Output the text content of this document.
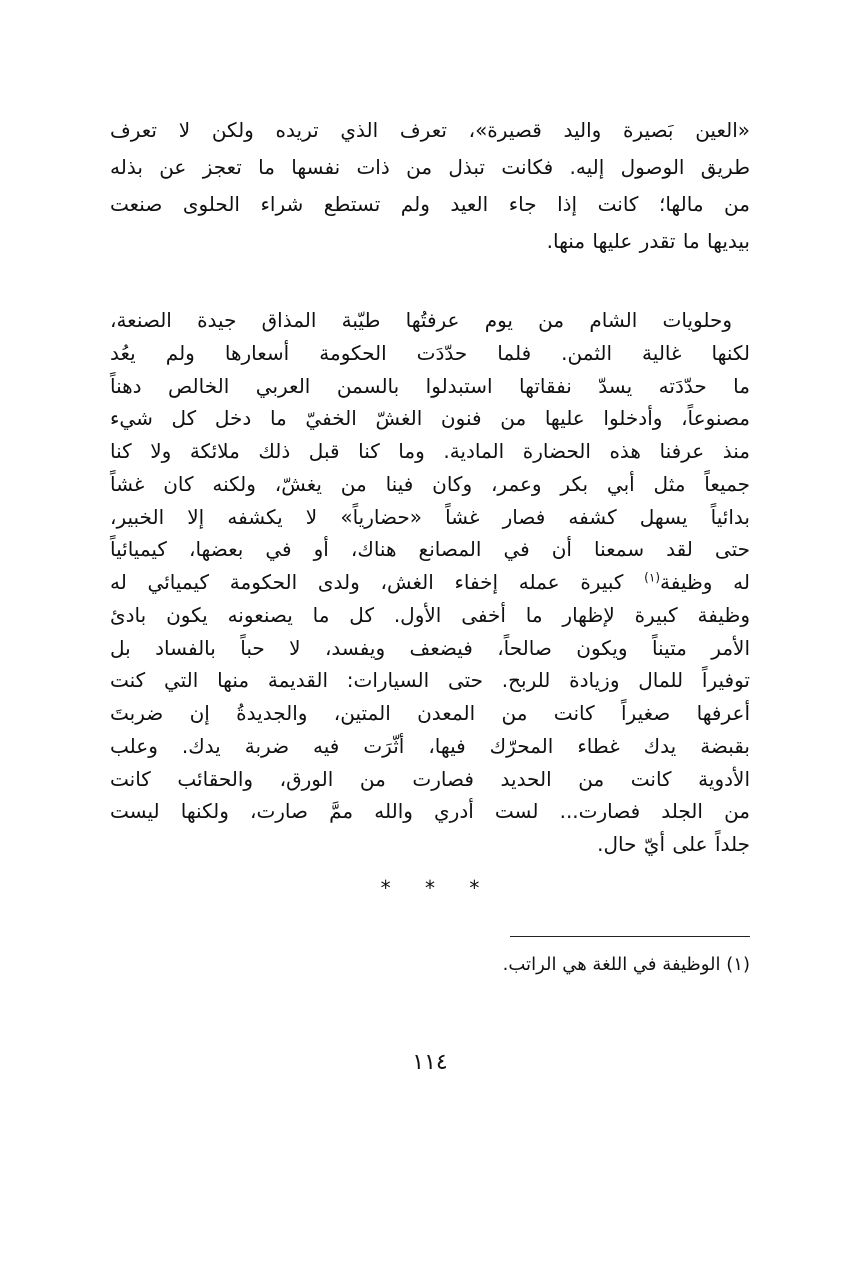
«العين بَصيرة واليد قصيرة»، تعرف الذي تريده ولكن لا تعرف
طريق الوصول إليه. فكانت تبذل من ذات نفسها ما تعجز عن بذله
من مالها؛ كانت إذا جاء العيد ولم تستطع شراء الحلوى صنعت
بيديها ما تقدر عليها منها.
وحلويات الشام من يوم عرفتُها طيّبة المذاق جيدة الصنعة،
لكنها غالية الثمن. فلما حدّدَت الحكومة أسعارها ولم يعُد
ما حدّدَته يسدّ نفقاتها استبدلوا بالسمن العربي الخالص دهناً
مصنوعاً، وأدخلوا عليها من فنون الغشّ الخفيّ ما دخل كل شيء
منذ عرفنا هذه الحضارة المادية. وما كنا قبل ذلك ملائكة ولا كنا
جميعاً مثل أبي بكر وعمر، وكان فينا من يغشّ، ولكنه كان غشاً
بدائياً يسهل كشفه فصار غشاً «حضارياً» لا يكشفه إلا الخبير،
حتى لقد سمعنا أن في المصانع هناك، أو في بعضها، كيميائياً
له وظيفة$^{(١)}$ كبيرة عمله إخفاء الغش، ولدى الحكومة كيميائي له
وظيفة كبيرة لإظهار ما أخفى الأول. كل ما يصنعونه يكون بادئ
الأمر متيناً ويكون صالحاً، فيضعف ويفسد، لا حباً بالفساد بل
توفيراً للمال وزيادة للربح. حتى السيارات: القديمة منها التي كنت
أعرفها صغيراً كانت من المعدن المتين، والجديدةُ إن ضربتَ
بقبضة يدك غطاء المحرّك فيها، أثّرَت فيه ضربة يدك. وعلب
الأدوية كانت من الحديد فصارت من الورق، والحقائب كانت
من الجلد فصارت... لست أدري والله ممَّ صارت، ولكنها ليست
جلداً على أيّ حال.
* * *
(١) الوظيفة في اللغة هي الراتب.
١١٤
